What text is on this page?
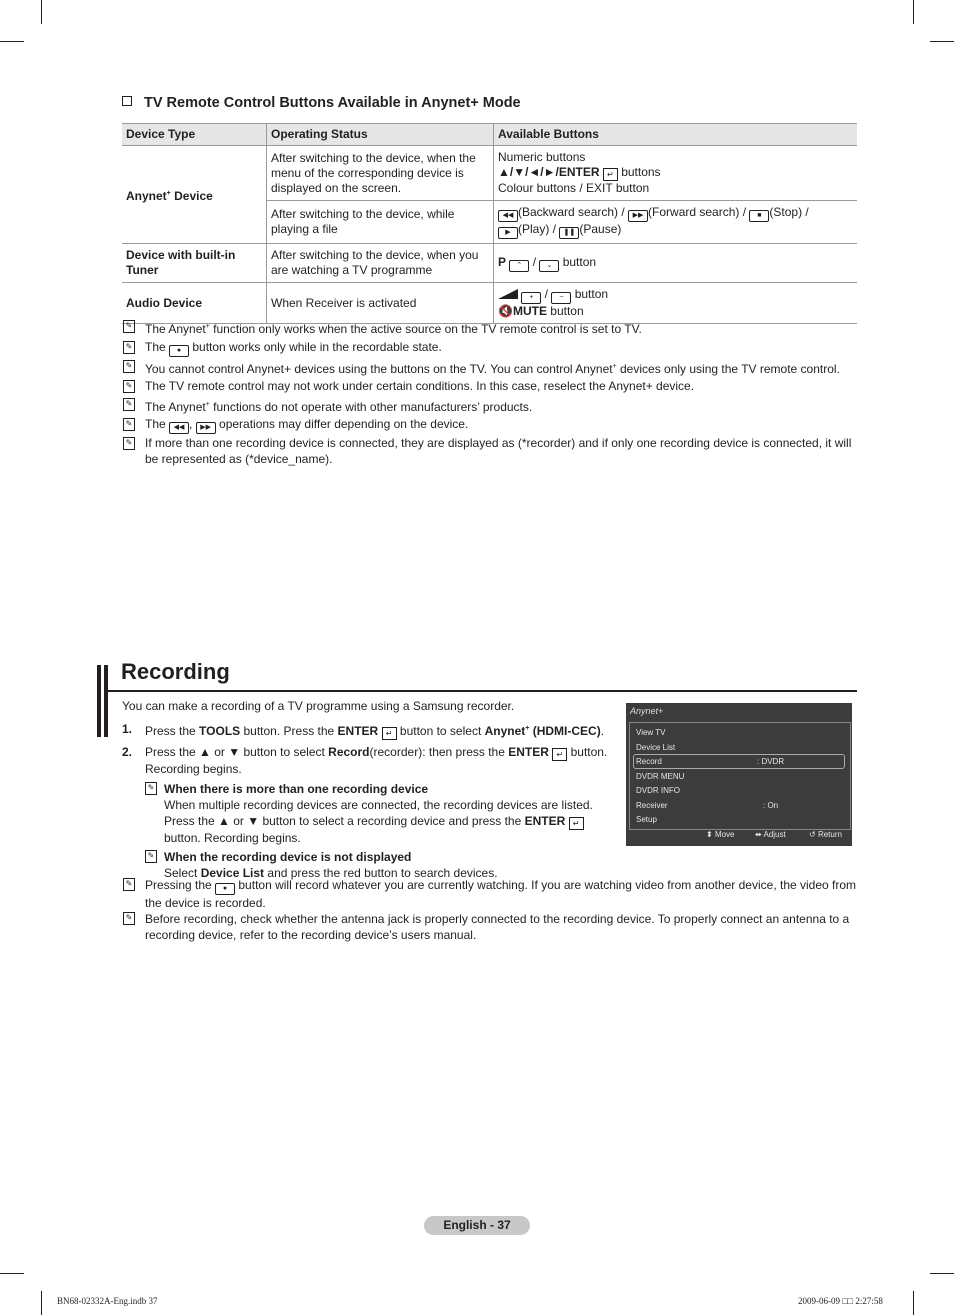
TV Remote Control Buttons Available in Anynet+ Mode
Device Type	Operating Status	Available Buttons
Anynet+ Device	After switching to the device, when the menu of the corresponding device is displayed on the screen.	Numeric buttons
▲/▼/◄/►/ENTER ↵ buttons
Colour buttons / EXIT button
	After switching to the device, while playing a file	◀◀ (Backward search) / ▶▶ (Forward search) / ■ (Stop) /
▶ (Play) / ❚❚ (Pause)
Device with built-in Tuner	After switching to the device, when you are watching a TV programme	P ⌃ / ⌄ button
Audio Device	When Receiver is activated	+ / − button
🔇MUTE button
✎ The Anynet+ function only works when the active source on the TV remote control is set to TV.
✎ The ● button works only while in the recordable state.
✎ You cannot control Anynet+ devices using the buttons on the TV. You can control Anynet+ devices only using the TV remote control.
✎ The TV remote control may not work under certain conditions. In this case, reselect the Anynet+ device.
✎ The Anynet+ functions do not operate with other manufacturers’ products.
✎ The ◀◀ , ▶▶ operations may differ depending on the device.
✎ If more than one recording device is connected, they are displayed as (*recorder) and if only one recording device is connected, it will be represented as (*device_name).
Recording
You can make a recording of a TV programme using a Samsung recorder.
1. Press the TOOLS button. Press the ENTER ↵ button to select Anynet+ (HDMI-CEC).
2. Press the ▲ or ▼ button to select Record(recorder): then press the ENTER ↵ button. Recording begins.
✎ When there is more than one recording device
When multiple recording devices are connected, the recording devices are listed. Press the ▲ or ▼ button to select a recording device and press the ENTER ↵ button. Recording begins.
✎ When the recording device is not displayed
Select Device List and press the red button to search devices.
Anynet+
View TV
Device List
Record	: DVDR
DVDR MENU
DVDR INFO
Receiver	: On
Setup
⬍ Move	⬌ Adjust	↺ Return
✎ Pressing the ● button will record whatever you are currently watching. If you are watching video from another device, the video from the device is recorded.
✎ Before recording, check whether the antenna jack is properly connected to the recording device. To properly connect an antenna to a recording device, refer to the recording device’s users manual.
English - 37
BN68-02332A-Eng.indb 37	2009-06-09 □□ 2:27:58
